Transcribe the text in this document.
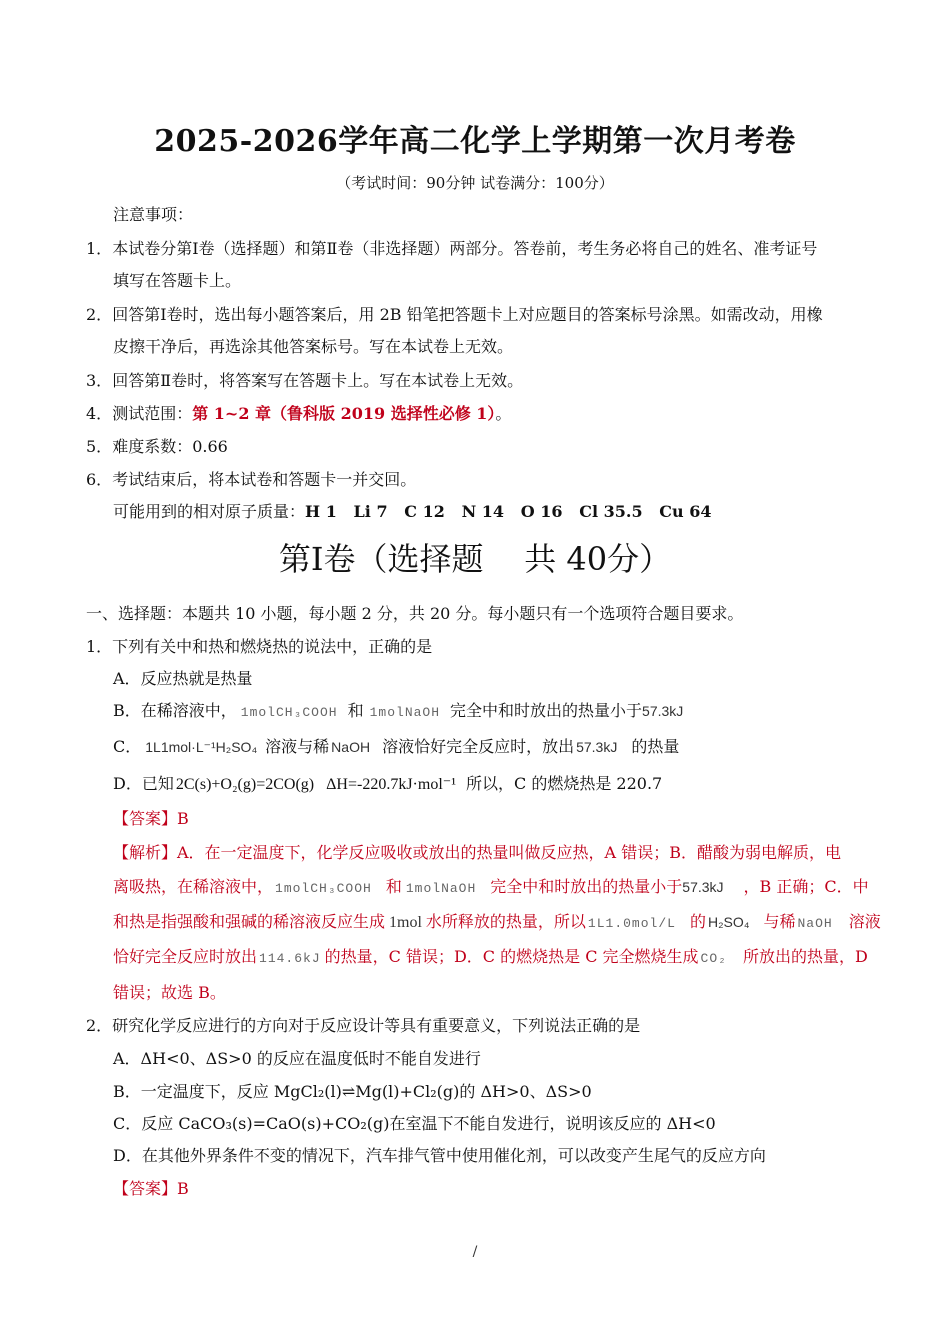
2025-2026学年高二化学上学期第一次月考卷
（考试时间：90分钟 试卷满分：100分）
注意事项：
1．本试卷分第Ⅰ卷（选择题）和第Ⅱ卷（非选择题）两部分。答卷前，考生务必将自己的姓名、准考证号
填写在答题卡上。
2．回答第Ⅰ卷时，选出每小题答案后，用 2B 铅笔把答题卡上对应题目的答案标号涂黑。如需改动，用橡
皮擦干净后，再选涂其他答案标号。写在本试卷上无效。
3．回答第Ⅱ卷时，将答案写在答题卡上。写在本试卷上无效。
4．测试范围：第 1~2 章（鲁科版 2019 选择性必修 1）。
5．难度系数：0.66
6．考试结束后，将本试卷和答题卡一并交回。
可能用到的相对原子质量：H 1   Li 7   C 12   N 14   O 16   Cl 35.5   Cu 64
第Ⅰ卷（选择题    共 40分）
一、选择题：本题共 10 小题，每小题 2 分，共 20 分。每小题只有一个选项符合题目要求。
1．下列有关中和热和燃烧热的说法中，正确的是
A．反应热就是热量
B．在稀溶液中， 1molCH₃COOH 和 1molNaOH 完全中和时放出的热量小于57.3kJ
C． 1L1mol·L⁻¹H₂SO₄ 溶液与稀 NaOH 溶液恰好完全反应时，放出 57.3kJ 的热量
D．已知 2C(s)+O₂(g)=2CO(g)   ΔH=-220.7kJ·mol⁻¹ 所以，C 的燃烧热是 220.7
【答案】B
【解析】A．在一定温度下，化学反应吸收或放出的热量叫做反应热，A 错误；B．醋酸为弱电解质，电
离吸热，在稀溶液中， 1molCH₃COOH 和 1molNaOH 完全中和时放出的热量小于57.3kJ ，B 正确；C．中
和热是指强酸和强碱的稀溶液反应生成 1mol 水所释放的热量，所以 1L1.0mol/L 的 H₂SO₄ 与稀 NaOH 溶液
恰好完全反应时放出 114.6kJ 的热量，C 错误；D．C 的燃烧热是 C 完全燃烧生成 CO₂ 所放出的热量，D
错误；故选 B。
2．研究化学反应进行的方向对于反应设计等具有重要意义，下列说法正确的是
A．ΔH<0、ΔS>0 的反应在温度低时不能自发进行
B．一定温度下，反应 MgCl₂(l)⇌Mg(l)+Cl₂(g)的 ΔH>0、ΔS>0
C．反应 CaCO₃(s)=CaO(s)+CO₂(g)在室温下不能自发进行，说明该反应的 ΔH<0
D．在其他外界条件不变的情况下，汽车排气管中使用催化剂，可以改变产生尾气的反应方向
【答案】B
/
